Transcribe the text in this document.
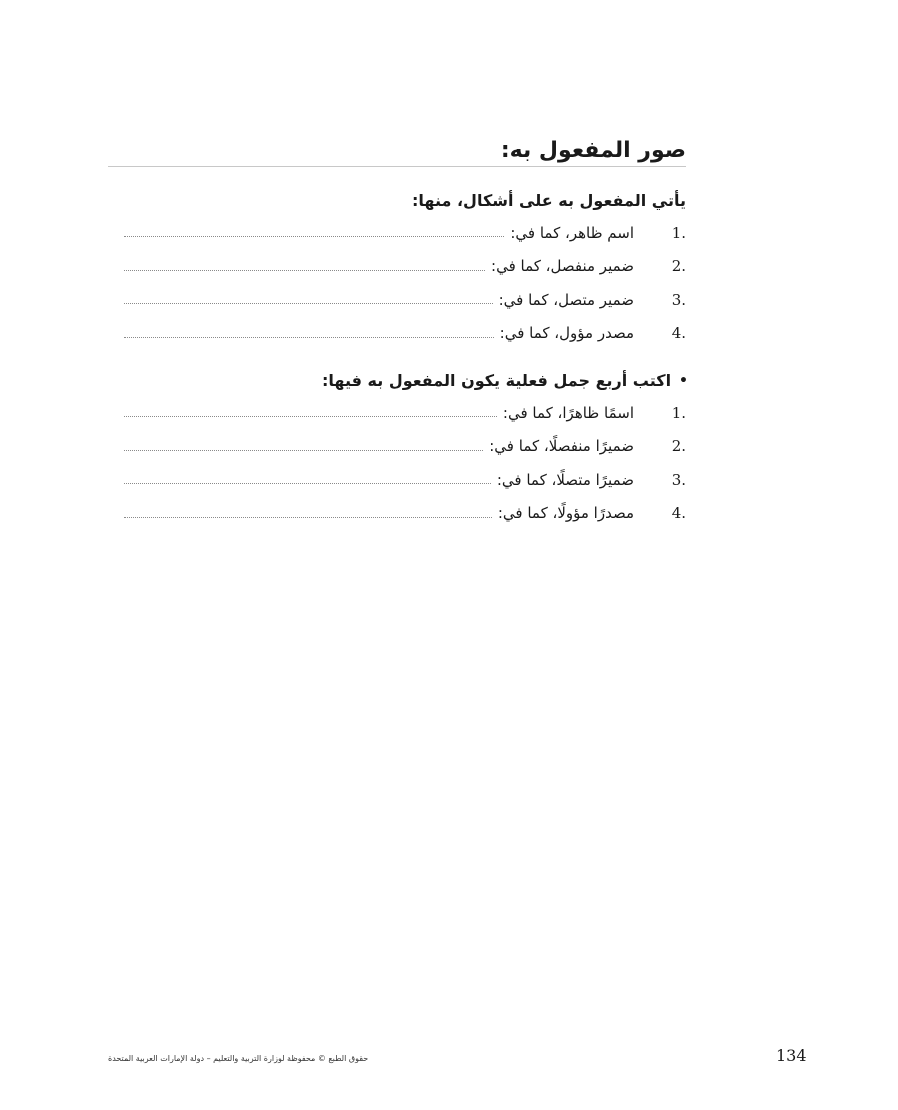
صور المفعول به:
يأتي المفعول به على أشكال، منها:
1.
اسم ظاهر، كما في:
2.
ضمير منفصل، كما في:
3.
ضمير متصل، كما في:
4.
مصدر مؤول، كما في:
•
اكتب أربع جمل فعلية يكون المفعول به فيها:
1.
اسمًا ظاهرًا، كما في:
2.
ضميرًا منفصلًا، كما في:
3.
ضميرًا متصلًا، كما في:
4.
مصدرًا مؤولًا، كما في:
حقوق الطبع © محفوظة لوزارة التربية والتعليم – دولة الإمارات العربية المتحدة	134
